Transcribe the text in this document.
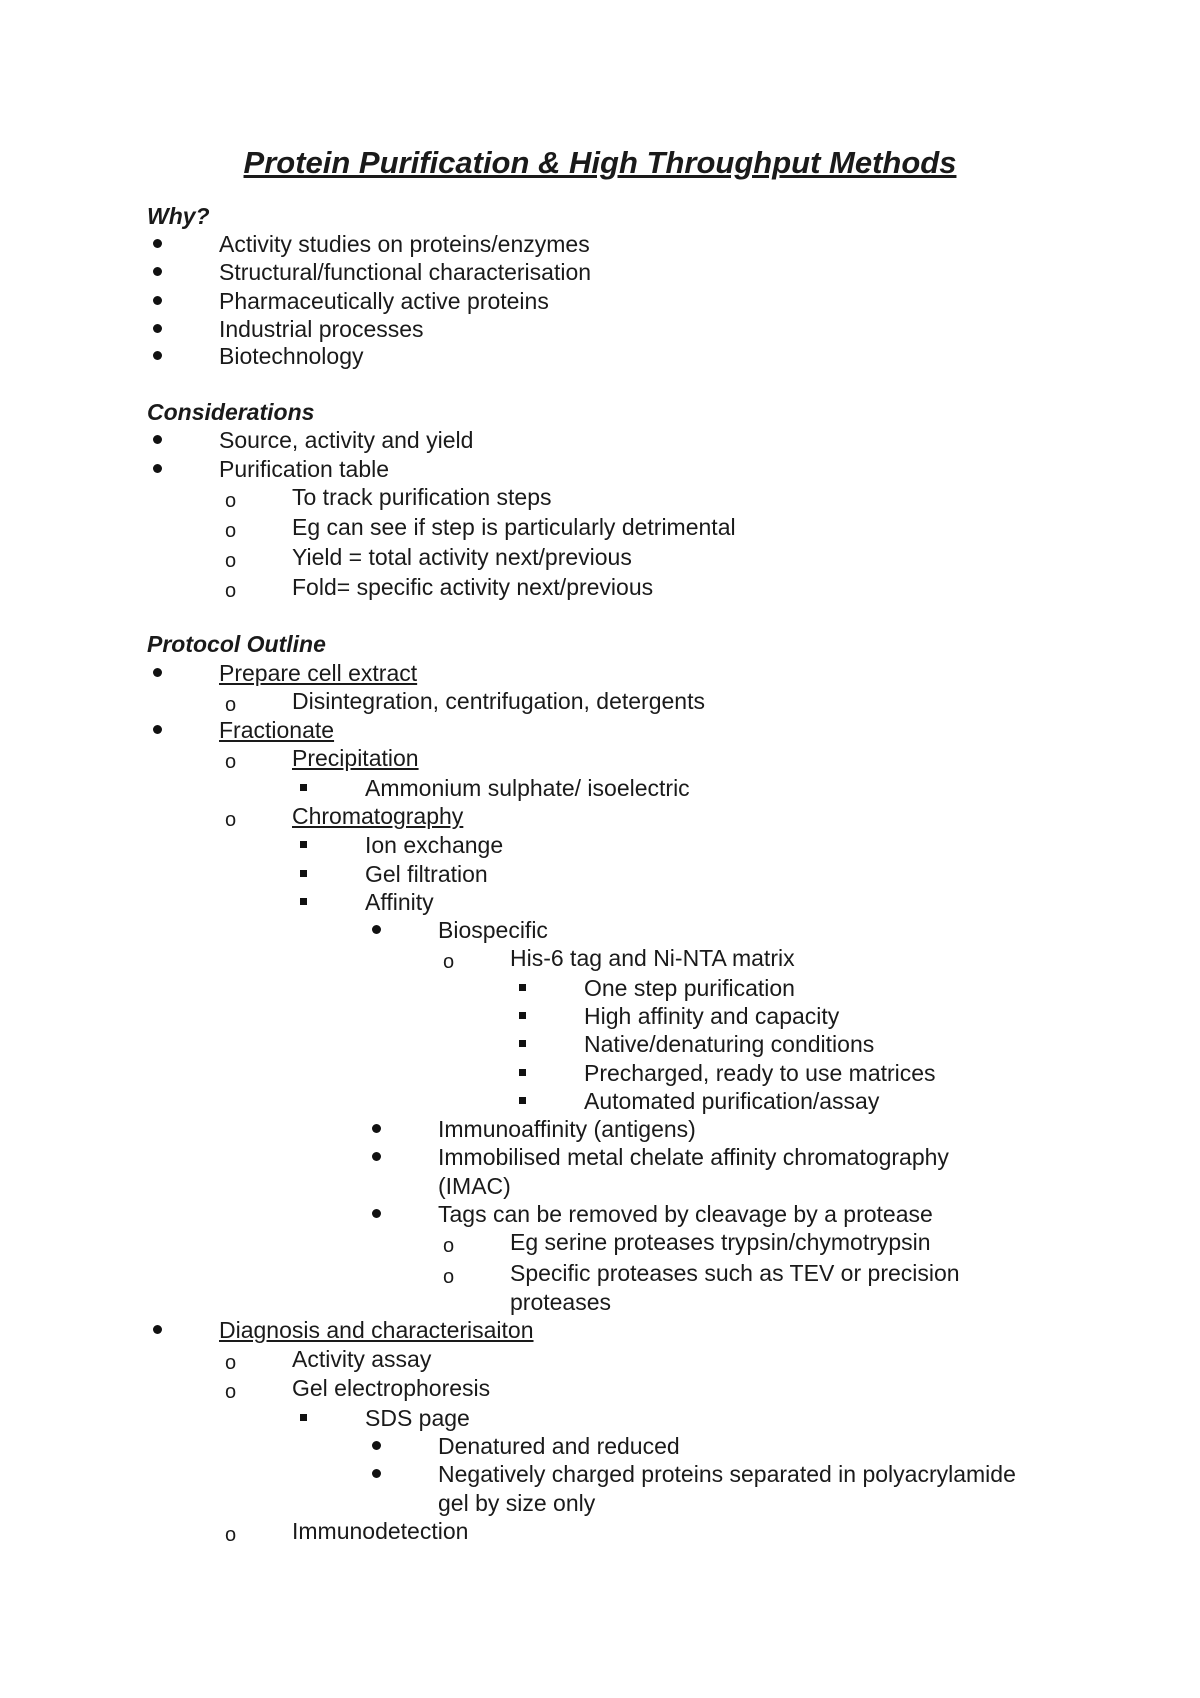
Protein Purification & High Throughput Methods
Why?
Activity studies on proteins/enzymes
Structural/functional characterisation
Pharmaceutically active proteins
Industrial processes
Biotechnology
Considerations
Source, activity and yield
Purification table
o To track purification steps
o Eg can see if step is particularly detrimental
o Yield = total activity next/previous
o Fold= specific activity next/previous
Protocol Outline
Prepare cell extract
o Disintegration, centrifugation, detergents
Fractionate
o Precipitation
Ammonium sulphate/ isoelectric
o Chromatography
Ion exchange
Gel filtration
Affinity
Biospecific
o His-6 tag and Ni-NTA matrix
One step purification
High affinity and capacity
Native/denaturing conditions
Precharged, ready to use matrices
Automated purification/assay
Immunoaffinity (antigens)
Immobilised metal chelate affinity chromatography
(IMAC)
Tags can be removed by cleavage by a protease
o Eg serine proteases trypsin/chymotrypsin
o Specific proteases such as TEV or precision
proteases
Diagnosis and characterisaiton
o Activity assay
o Gel electrophoresis
SDS page
Denatured and reduced
Negatively charged proteins separated in polyacrylamide
gel by size only
o Immunodetection
